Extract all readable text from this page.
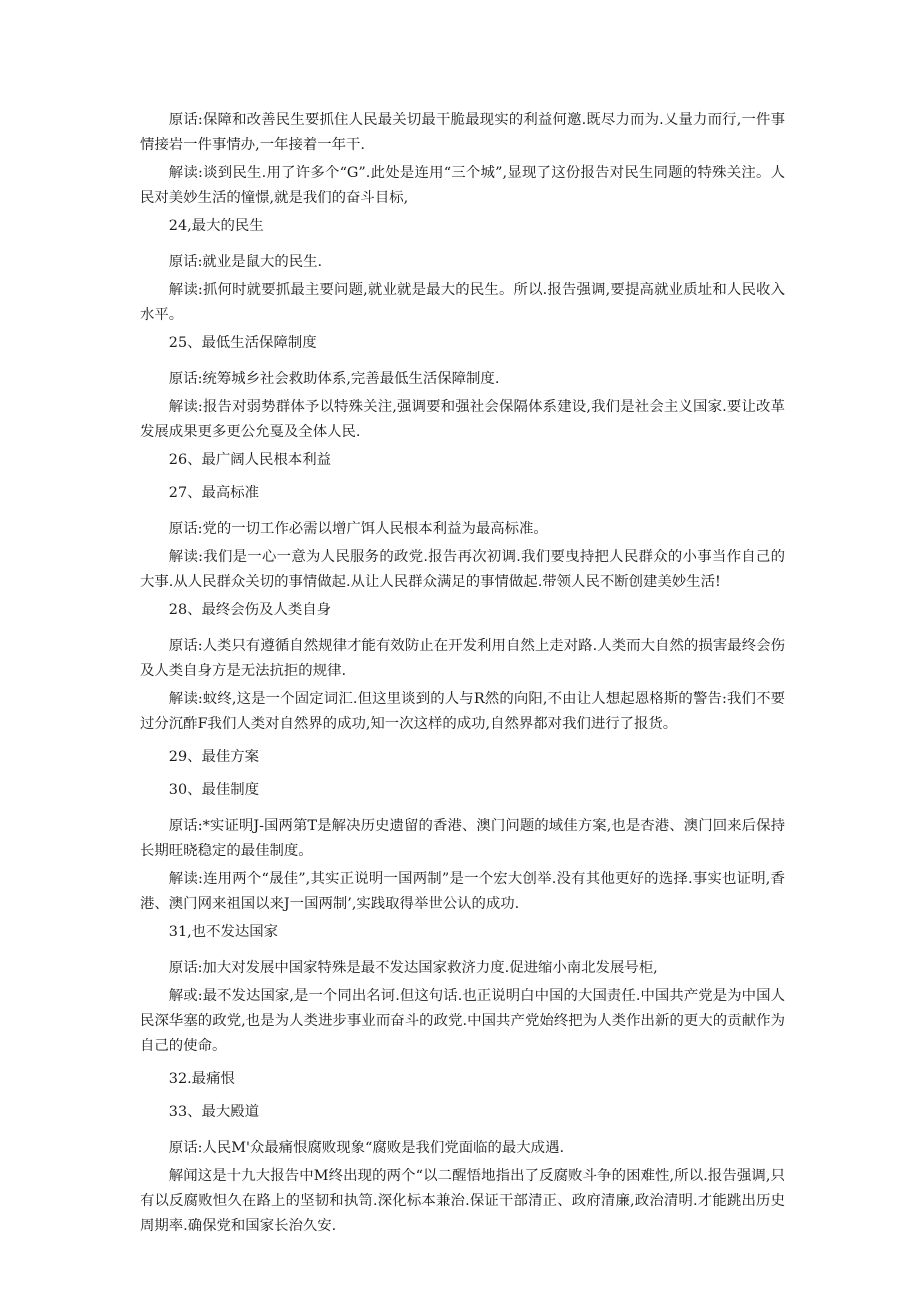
原话:保障和改善民生要抓住人民最关切最干脆最现实的利益何邀.既尽力而为.乂量力而行,一件事情接岩一件事情办,一年接着一年干.

解读:谈到民生.用了许多个“G”.此处是连用“三个城”,显现了这份报告对民生同题的特殊关注。人民对美妙生活的憧憬,就是我们的奋斗目标,

24,最大的民生

原话:就业是鼠大的民生.

解读:抓何时就要抓最主要问题,就业就是最大的民生。所以.报告强调,要提高就业质址和人民收入水平。

25、最低生活保障制度

原话:统筹城乡社会救助体系,完善最低生活保障制度.

解读:报告对弱势群体予以特殊关注,强调要和强社会保隔体系建设,我们是社会主义国家.要让改革发展成果更多更公允戛及全体人民.

26、最广阔人民根本利益

27、最高标准

原话:党的一切工作必需以增广饵人民根本利益为最高标准。

解读:我们是一心一意为人民服务的政党.报告再次初调.我们要曳持把人民群众的小事当作自己的大事.从人民群众关切的事情做起.从让人民群众满足的事情做起.带领人民不断创建美妙生活!

28、最终会伤及人类自身

原话:人类只有遵循自然规律才能有效防止在开发利用自然上走对路.人类而大自然的损害最终会伤及人类自身方是无法抗拒的规律.

解读:蚊终,这是一个固定词汇.但这里谈到的人与R然的向阳,不由让人想起恩格斯的警告:我们不要过分沉酢F我们人类对自然界的成功,知一次这样的成功,自然界都对我们进行了报货。

29、最佳方案

30、最佳制度

原话:*实证明J-国两第T是解决历史遗留的香港、澳门问题的域佳方案,也是杏港、澳门回来后保持长期旺晓稳定的最佳制度。

解读:连用两个“晟佳”,其实正说明一国两制”是一个宏大创举.没有其他更好的选择.事实也证明,香港、澳门网来祖国以来J一国两制’,实践取得举世公认的成功.

31,也不发达国家

原话:加大对发展中国家特殊是最不发达国家救济力度.促进缩小南北发展号柜,

解或:最不发达国家,是一个同出名诃.但这句话.也正说明白中国的大国责任.中国共产党是为中国人民深华塞的政党,也是为人类进步事业而奋斗的政党.中国共产党始终把为人类作出新的更大的贡献作为自己的使命。

32.最痛恨

33、最大殿道

原话:人民M'众最痛恨腐败现象“腐败是我们党面临的最大成遇.

解闻这是十九大报告中M终出现的两个“以二醒悟地指出了反腐败斗争的困难性,所以.报告强调,只有以反腐败怛久在路上的坚韧和执笥.深化标本兼治.保证干部清正、政府清廉,政治清明.才能跳出历史周期率.确保党和国家长治久安.
